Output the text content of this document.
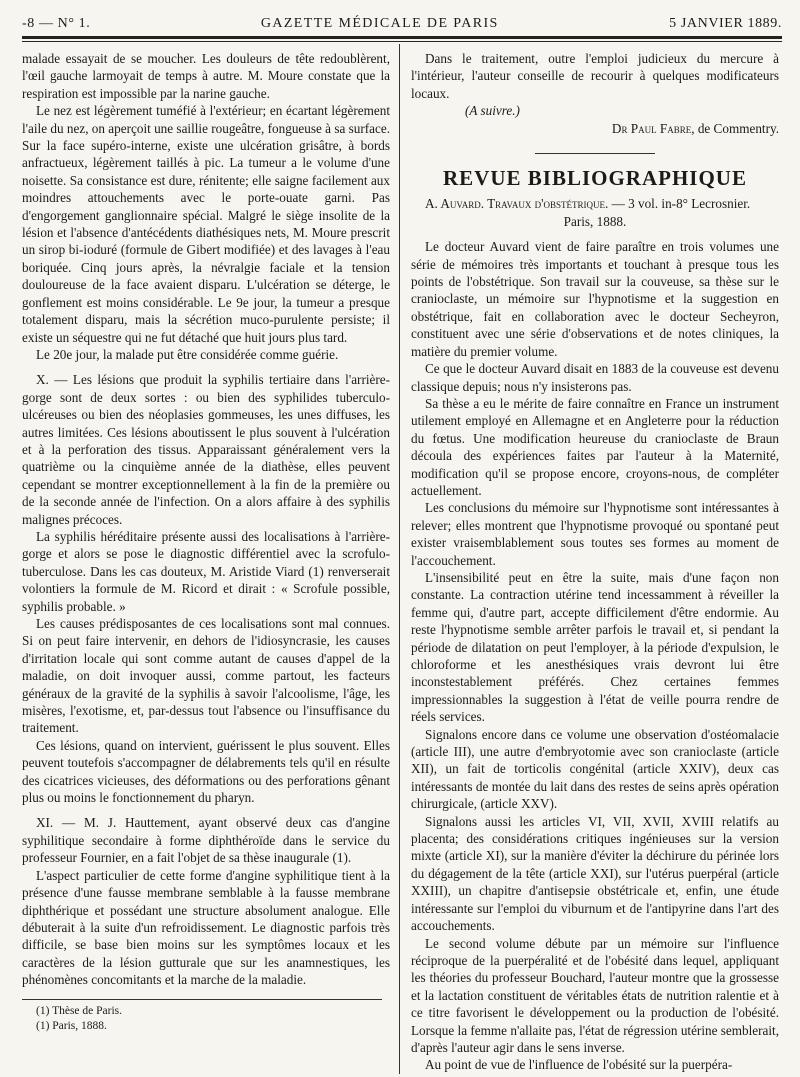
-8 — N° 1.	GAZETTE MÉDICALE DE PARIS	5 JANVIER 1889.

malade essayait de se moucher. Les douleurs de tête redoublèrent, l'œil gauche larmoyait de temps à autre. M. Moure constate que la respiration est impossible par la narine gauche.

Le nez est légèrement tuméfié à l'extérieur; en écartant légèrement l'aile du nez, on aperçoit une saillie rougeâtre, fongueuse à sa surface. Sur la face supéro-interne, existe une ulcération grisâtre, à bords anfractueux, légèrement taillés à pic. La tumeur a le volume d'une noisette. Sa consistance est dure, rénitente; elle saigne facilement aux moindres attouchements avec le porte-ouate garni. Pas d'engorgement ganglionnaire spécial. Malgré le siège insolite de la lésion et l'absence d'antécédents diathésiques nets, M. Moure prescrit un sirop bi-ioduré (formule de Gibert modifiée) et des lavages à l'eau boriquée. Cinq jours après, la névralgie faciale et la tension douloureuse de la face avaient disparu. L'ulcération se déterge, le gonflement est moins considérable. Le 9e jour, la tumeur a presque totalement disparu, mais la sécrétion muco-purulente persiste; il existe un séquestre qui ne fut détaché que huit jours plus tard.

Le 20e jour, la malade put être considérée comme guérie.

X. — Les lésions que produit la syphilis tertiaire dans l'arrière-gorge sont de deux sortes : ou bien des syphilides tuberculo-ulcéreuses ou bien des néoplasies gommeuses, les unes diffuses, les autres limitées. Ces lésions aboutissent le plus souvent à l'ulcération et à la perforation des tissus. Apparaissant généralement vers la quatrième ou la cinquième année de la diathèse, elles peuvent cependant se montrer exceptionnellement à la fin de la première ou de la seconde année de l'infection. On a alors affaire à des syphilis malignes précoces.

La syphilis héréditaire présente aussi des localisations à l'arrière-gorge et alors se pose le diagnostic différentiel avec la scrofulo-tuberculose. Dans les cas douteux, M. Aristide Viard (1) renverserait volontiers la formule de M. Ricord et dirait : « Scrofule possible, syphilis probable. »

Les causes prédisposantes de ces localisations sont mal connues. Si on peut faire intervenir, en dehors de l'idiosyncrasie, les causes d'irritation locale qui sont comme autant de causes d'appel de la maladie, on doit invoquer aussi, comme partout, les facteurs généraux de la gravité de la syphilis à savoir l'alcoolisme, l'âge, les misères, l'exotisme, et, par-dessus tout l'absence ou l'insuffisance du traitement.

Ces lésions, quand on intervient, guérissent le plus souvent. Elles peuvent toutefois s'accompagner de délabrements tels qu'il en résulte des cicatrices vicieuses, des déformations ou des perforations gênant plus ou moins le fonctionnement du pharyn.

XI. — M. J. Hauttement, ayant observé deux cas d'angine syphilitique secondaire à forme diphthéroïde dans le service du professeur Fournier, en a fait l'objet de sa thèse inaugurale (1).

L'aspect particulier de cette forme d'angine syphilitique tient à la présence d'une fausse membrane semblable à la fausse membrane diphthérique et possédant une structure absolument analogue. Elle débuterait à la suite d'un refroidissement. Le diagnostic parfois très difficile, se base bien moins sur les symptômes locaux et les caractères de la lésion gutturale que sur les anamnestiques, les phénomènes concomitants et la marche de la maladie.

(1) Thèse de Paris.

(1) Paris, 1888.

Dans le traitement, outre l'emploi judicieux du mercure à l'intérieur, l'auteur conseille de recourir à quelques modificateurs locaux.

(A suivre.)

Dr Paul Fabre, de Commentry.

REVUE BIBLIOGRAPHIQUE

A. Auvard. Travaux d'obstétrique. — 3 vol. in-8° Lecrosnier.

Paris, 1888.

Le docteur Auvard vient de faire paraître en trois volumes une série de mémoires très importants et touchant à presque tous les points de l'obstétrique. Son travail sur la couveuse, sa thèse sur le cranioclaste, un mémoire sur l'hypnotisme et la suggestion en obstétrique, fait en collaboration avec le docteur Secheyron, constituent avec une série d'observations et de notes cliniques, la matière du premier volume.

Ce que le docteur Auvard disait en 1883 de la couveuse est devenu classique depuis; nous n'y insisterons pas.

Sa thèse a eu le mérite de faire connaître en France un instrument utilement employé en Allemagne et en Angleterre pour la réduction du fœtus. Une modification heureuse du cranioclaste de Braun découla des expériences faites par l'auteur à la Maternité, modification qu'il se propose encore, croyons-nous, de compléter actuellement.

Les conclusions du mémoire sur l'hypnotisme sont intéressantes à relever; elles montrent que l'hypnotisme provoqué ou spontané peut exister vraisemblablement sous toutes ses formes au moment de l'accouchement.

L'insensibilité peut en être la suite, mais d'une façon non constante. La contraction utérine tend incessamment à réveiller la femme qui, d'autre part, accepte difficilement d'être endormie. Au reste l'hypnotisme semble arrêter parfois le travail et, si pendant la période de dilatation on peut l'employer, à la période d'expulsion, le chloroforme et les anesthésiques vrais devront lui être inconstestablement préférés. Chez certaines femmes impressionnables la suggestion à l'état de veille pourra rendre de réels services.

Signalons encore dans ce volume une observation d'ostéomalacie (article III), une autre d'embryotomie avec son cranioclaste (article XII), un fait de torticolis congénital (article XXIV), deux cas intéressants de montée du lait dans des restes de seins après opération chirurgicale, (article XXV).

Signalons aussi les articles VI, VII, XVII, XVIII relatifs au placenta; des considérations critiques ingénieuses sur la version mixte (article XI), sur la manière d'éviter la déchirure du périnée lors du dégagement de la tête (article XXI), sur l'utérus puerpéral (article XXIII), un chapitre d'antisepsie obstétricale et, enfin, une étude intéressante sur l'emploi du viburnum et de l'antipyrine dans l'art des accouchements.

Le second volume débute par un mémoire sur l'influence réciproque de la puerpéralité et de l'obésité dans lequel, appliquant les théories du professeur Bouchard, l'auteur montre que la grossesse et la lactation constituent de véritables états de nutrition ralentie et à ce titre favorisent le développement ou la production de l'obésité. Lorsque la femme n'allaite pas, l'état de régression utérine semblerait, d'après l'auteur agir dans le sens inverse.

Au point de vue de l'influence de l'obésité sur la puerpéra-
